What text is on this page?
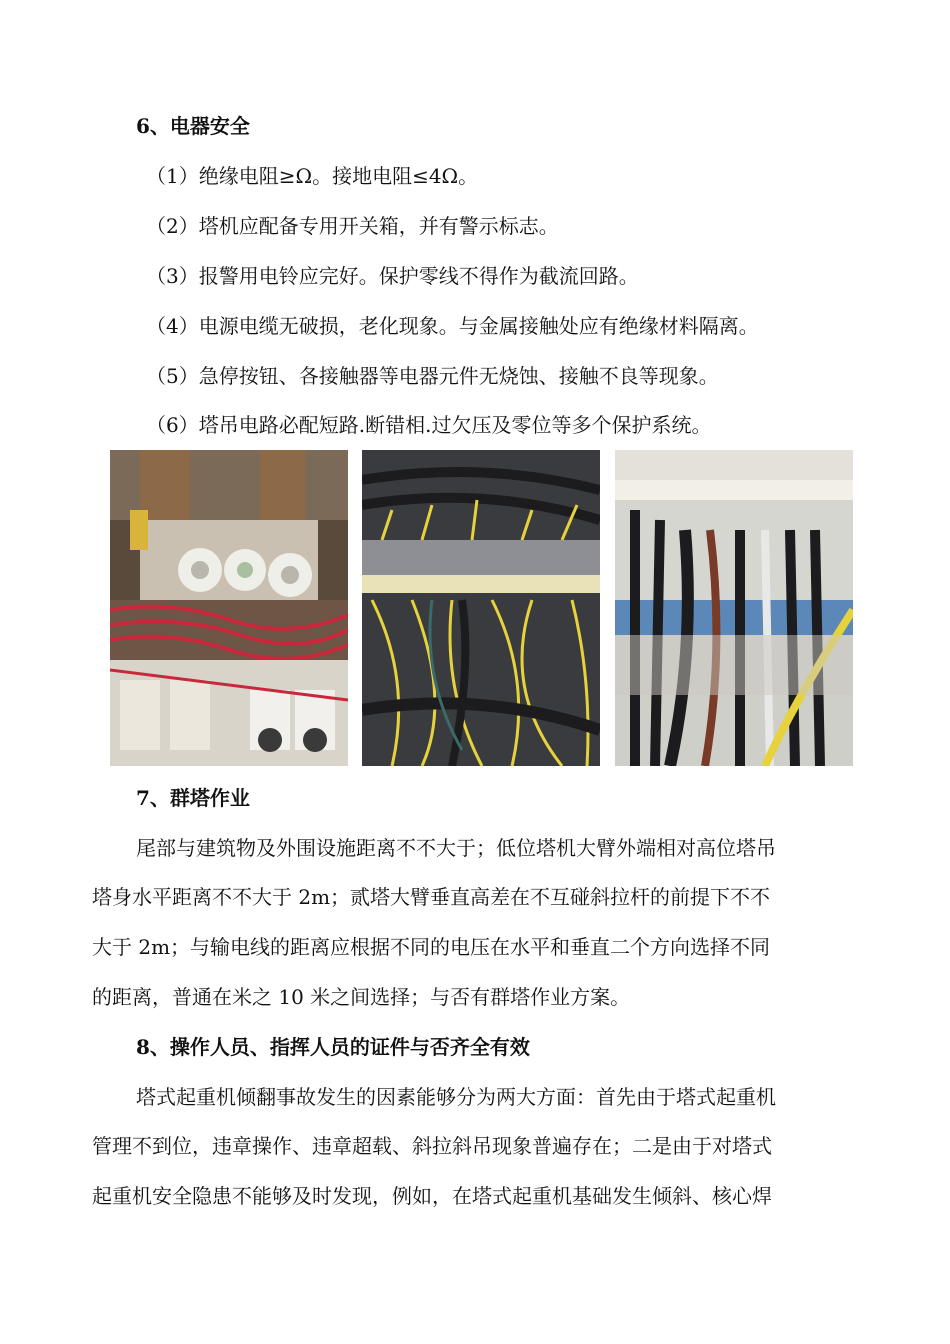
6、电器安全
（1）绝缘电阻≥Ω。接地电阻≤4Ω。
（2）塔机应配备专用开关箱，并有警示标志。
（3）报警用电铃应完好。保护零线不得作为截流回路。
（4）电源电缆无破损，老化现象。与金属接触处应有绝缘材料隔离。
（5）急停按钮、各接触器等电器元件无烧蚀、接触不良等现象。
（6）塔吊电路必配短路.断错相.过欠压及零位等多个保护系统。
7、群塔作业
尾部与建筑物及外围设施距离不不大于；低位塔机大臂外端相对高位塔吊
塔身水平距离不不大于 2m；贰塔大臂垂直高差在不互碰斜拉杆的前提下不不
大于 2m；与输电线的距离应根据不同的电压在水平和垂直二个方向选择不同
的距离，普通在米之 10 米之间选择；与否有群塔作业方案。
8、操作人员、指挥人员的证件与否齐全有效
塔式起重机倾翻事故发生的因素能够分为两大方面：首先由于塔式起重机
管理不到位，违章操作、违章超载、斜拉斜吊现象普遍存在；二是由于对塔式
起重机安全隐患不能够及时发现，例如，在塔式起重机基础发生倾斜、核心焊
